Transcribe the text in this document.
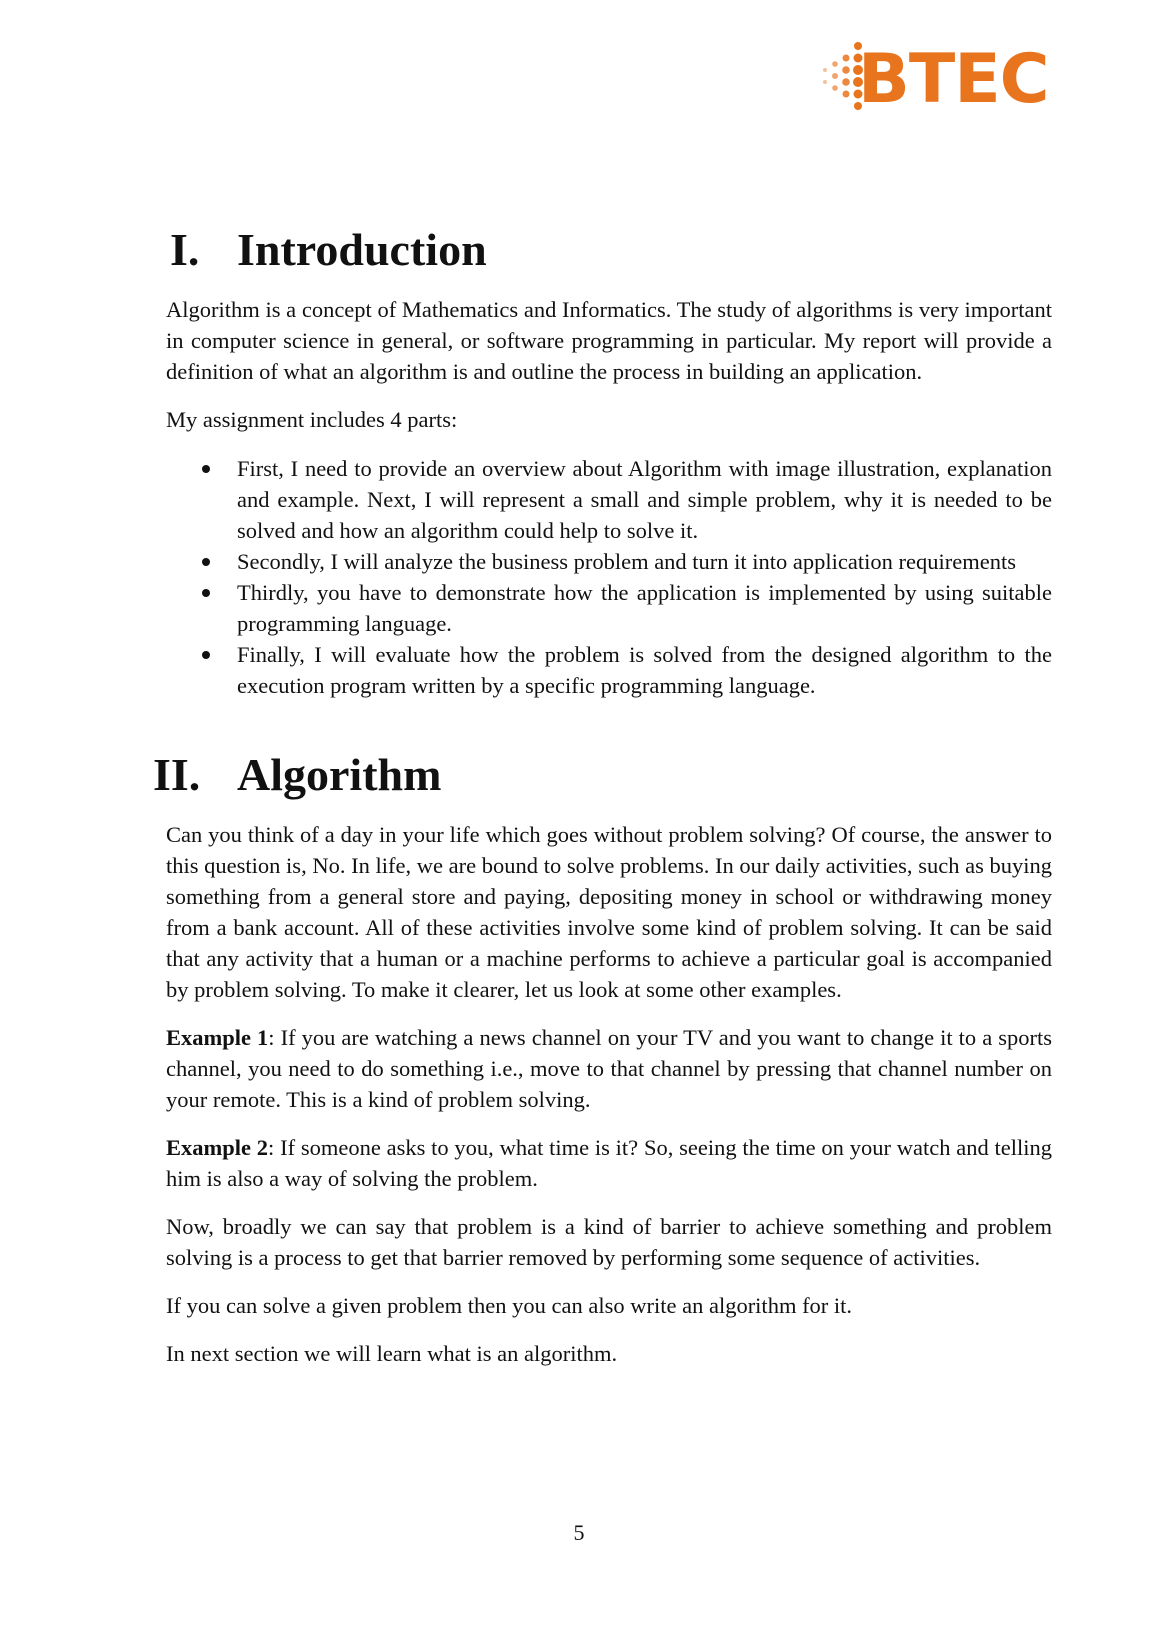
BTEC
I. Introduction

Algorithm is a concept of Mathematics and Informatics. The study of algorithms is very important in computer science in general, or software programming in particular. My report will provide a definition of what an algorithm is and outline the process in building an application.

My assignment includes 4 parts:

First, I need to provide an overview about Algorithm with image illustration, explanation and example. Next, I will represent a small and simple problem, why it is needed to be solved and how an algorithm could help to solve it.
Secondly, I will analyze the business problem and turn it into application requirements
Thirdly, you have to demonstrate how the application is implemented by using suitable programming language.
Finally, I will evaluate how the problem is solved from the designed algorithm to the execution program written by a specific programming language.
II. Algorithm

Can you think of a day in your life which goes without problem solving? Of course, the answer to this question is, No. In life, we are bound to solve problems. In our daily activities, such as buying something from a general store and paying, depositing money in school or withdrawing money from a bank account. All of these activities involve some kind of problem solving. It can be said that any activity that a human or a machine performs to achieve a particular goal is accompanied by problem solving. To make it clearer, let us look at some other examples.

Example 1: If you are watching a news channel on your TV and you want to change it to a sports channel, you need to do something i.e., move to that channel by pressing that channel number on your remote. This is a kind of problem solving.

Example 2: If someone asks to you, what time is it? So, seeing the time on your watch and telling him is also a way of solving the problem.

Now, broadly we can say that problem is a kind of barrier to achieve something and problem solving is a process to get that barrier removed by performing some sequence of activities.

If you can solve a given problem then you can also write an algorithm for it.

In next section we will learn what is an algorithm.

5
